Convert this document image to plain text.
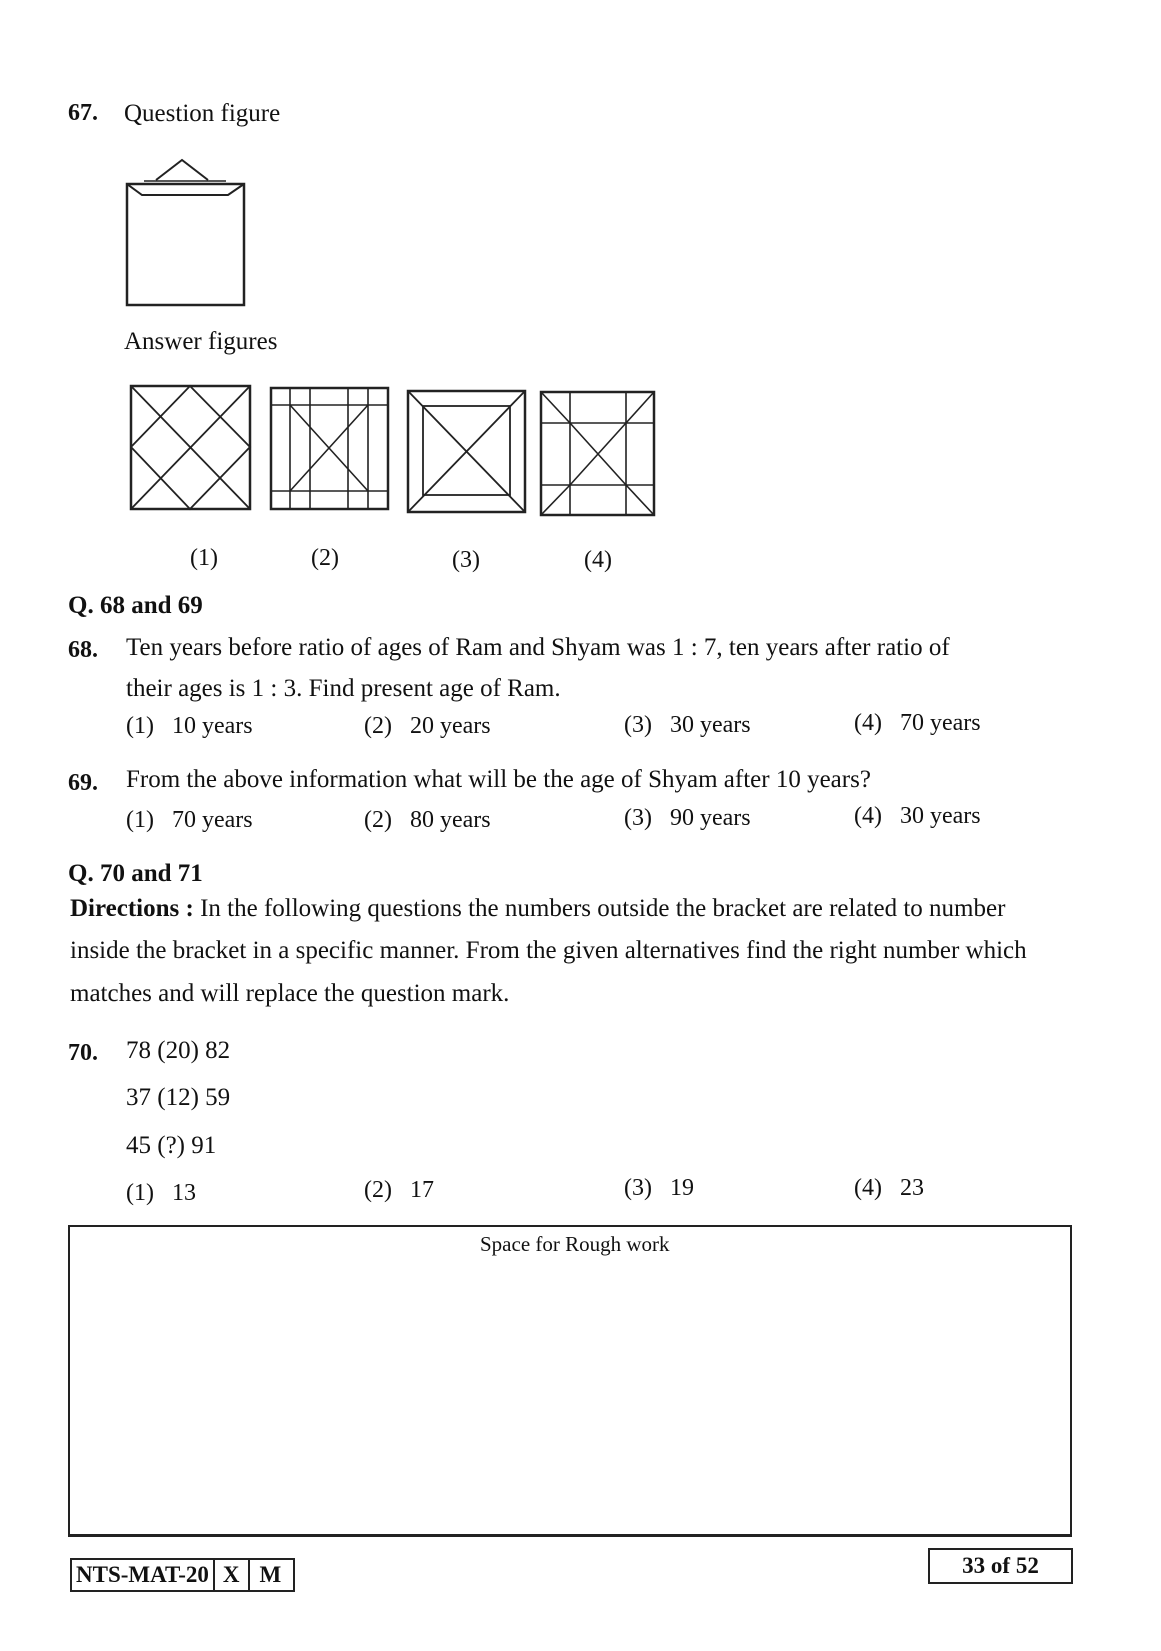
67. Question figure
Answer figures
(1)	(2)	(3)	(4)
Q. 68 and 69
68. Ten years before ratio of ages of Ram and Shyam was 1 : 7, ten years after ratio of
their ages is 1 : 3. Find present age of Ram.
(1) 10 years	(2) 20 years	(3) 30 years	(4) 70 years
69. From the above information what will be the age of Shyam after 10 years?
(1) 70 years	(2) 80 years	(3) 90 years	(4) 30 years
Q. 70 and 71
Directions : In the following questions the numbers outside the bracket are related to number
inside the bracket in a specific manner. From the given alternatives find the right number which
matches and will replace the question mark.
70. 78 (20) 82
37 (12) 59
45 (?) 91
(1) 13	(2) 17	(3) 19	(4) 23
Space for Rough work
NTS-MAT-20 X M	33 of 52
